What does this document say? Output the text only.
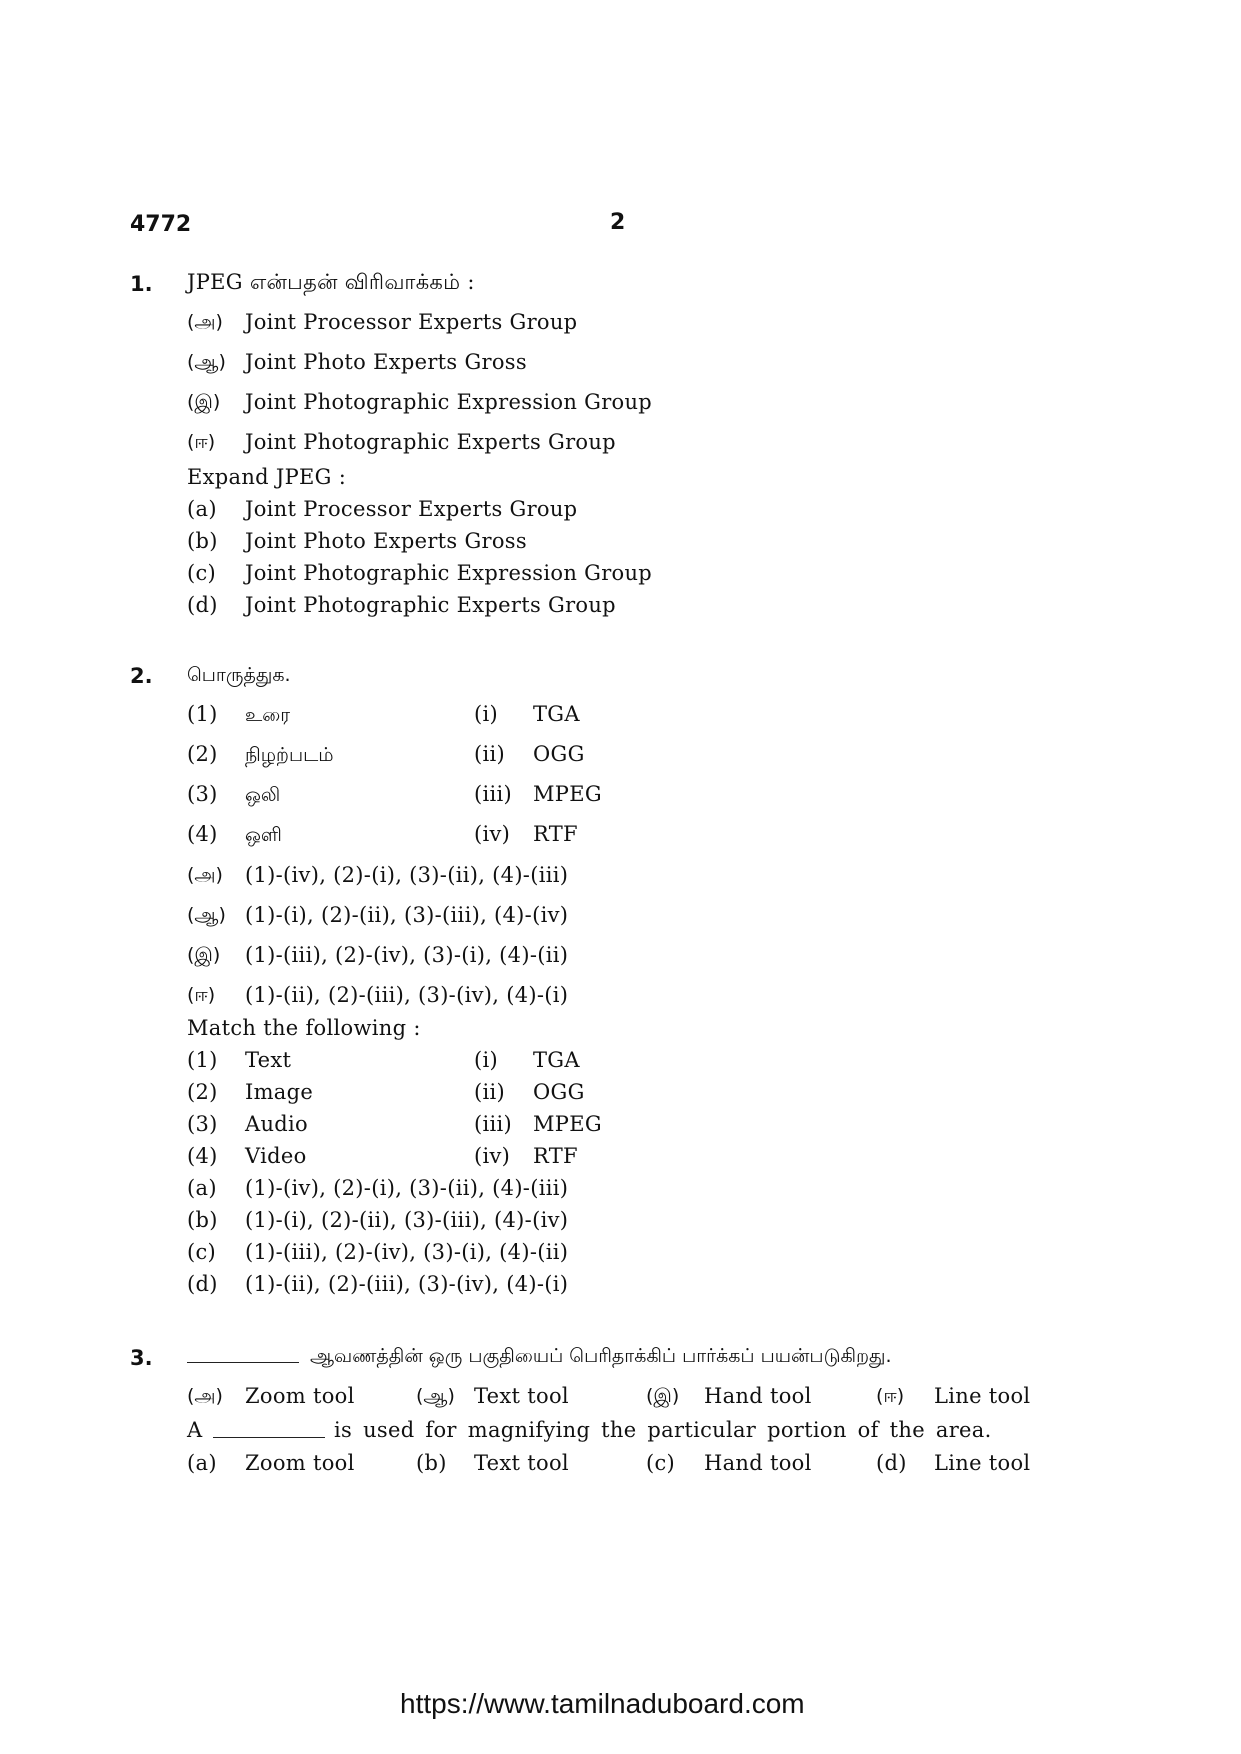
4772	2
1. JPEG என்பதன் விரிவாக்கம் :
(அ) Joint Processor Experts Group
(ஆ) Joint Photo Experts Gross
(இ) Joint Photographic Expression Group
(ஈ) Joint Photographic Experts Group
Expand JPEG :
(a) Joint Processor Experts Group
(b) Joint Photo Experts Gross
(c) Joint Photographic Expression Group
(d) Joint Photographic Experts Group
2. பொருத்துக.
(1) உரை	(i) TGA
(2) நிழற்படம்	(ii) OGG
(3) ஒலி	(iii) MPEG
(4) ஒளி	(iv) RTF
(அ) (1)-(iv), (2)-(i), (3)-(ii), (4)-(iii)
(ஆ) (1)-(i), (2)-(ii), (3)-(iii), (4)-(iv)
(இ) (1)-(iii), (2)-(iv), (3)-(i), (4)-(ii)
(ஈ) (1)-(ii), (2)-(iii), (3)-(iv), (4)-(i)
Match the following :
(1) Text	(i) TGA
(2) Image	(ii) OGG
(3) Audio	(iii) MPEG
(4) Video	(iv) RTF
(a) (1)-(iv), (2)-(i), (3)-(ii), (4)-(iii)
(b) (1)-(i), (2)-(ii), (3)-(iii), (4)-(iv)
(c) (1)-(iii), (2)-(iv), (3)-(i), (4)-(ii)
(d) (1)-(ii), (2)-(iii), (3)-(iv), (4)-(i)
3.	ஆவணத்தின் ஒரு பகுதியைப் பெரிதாக்கிப் பார்க்கப் பயன்படுகிறது.
(அ) Zoom tool	(ஆ) Text tool	(இ) Hand tool	(ஈ) Line tool
A	is used for magnifying the particular portion of the area.
(a) Zoom tool	(b) Text tool	(c) Hand tool	(d) Line tool
https://www.tamilnaduboard.com
